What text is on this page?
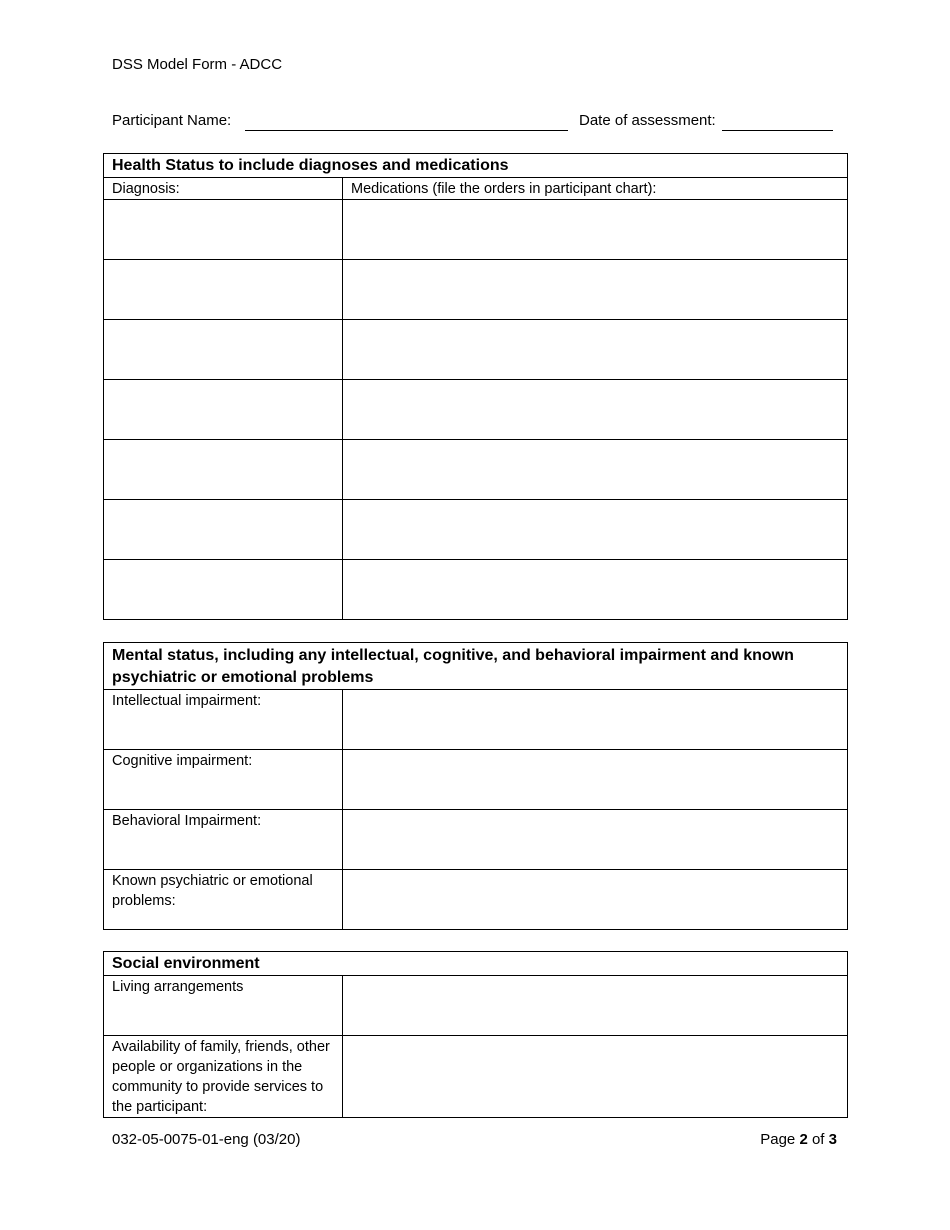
DSS Model Form - ADCC
Participant Name:	Date of assessment:
Health Status to include diagnoses and medications	
Diagnosis:	Medications (file the orders in participant chart):

Mental status, including any intellectual, cognitive, and behavioral impairment and known psychiatric or emotional problems	
Intellectual impairment:	
Cognitive impairment:	
Behavioral Impairment:	
Known psychiatric or emotional problems:	
Social environment	
Living arrangements	
Availability of family, friends, other people or organizations in the community to provide services to the participant:	
032-05-0075-01-eng (03/20)	Page 2 of 3
